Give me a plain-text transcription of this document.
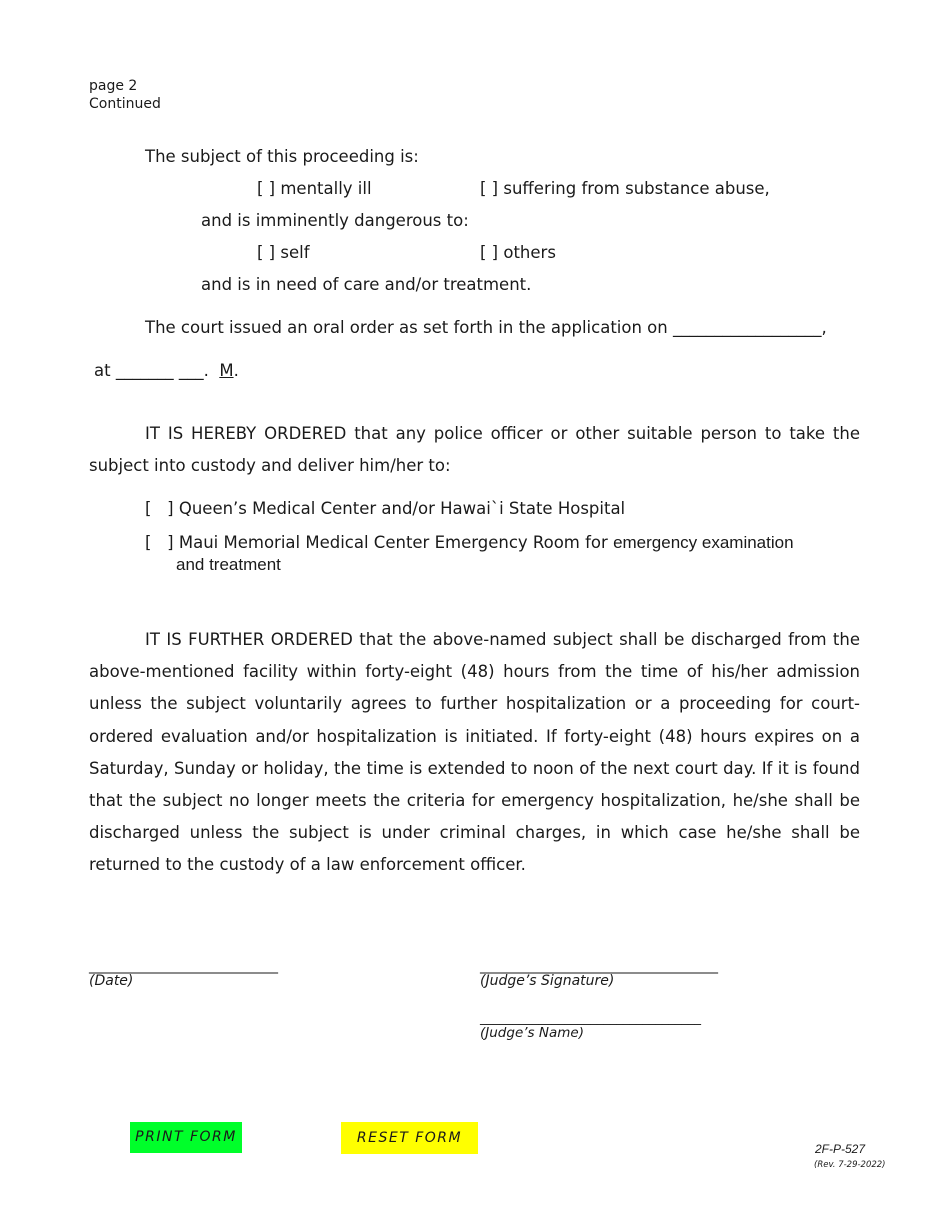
page 2
Continued
The subject of this proceeding is:
[ ] mentally ill	[ ] suffering from substance abuse,
and is imminently dangerous to:
[ ] self	[ ] others
and is in need of care and/or treatment.
The court issued an oral order as set forth in the application on __________________,
at _______ ___.  M.

IT IS HEREBY ORDERED that any police officer or other suitable person to take the subject into custody and deliver him/her to:

[   ] Queen’s Medical Center and/or Hawai`i State Hospital
[   ] Maui Memorial Medical Center Emergency Room for emergency examination
and treatment

IT IS FURTHER ORDERED that the above-named subject shall be discharged from the above-mentioned facility within forty-eight (48) hours from the time of his/her admission unless the subject voluntarily agrees to further hospitalization or a proceeding for court-ordered evaluation and/or hospitalization is initiated. If forty-eight (48) hours expires on a Saturday, Sunday or holiday, the time is extended to noon of the next court day. If it is found that the subject no longer meets the criteria for emergency hospitalization, he/she shall be discharged unless the subject is under criminal charges, in which case he/she shall be returned to the custody of a law enforcement officer.

___________________________
(Date)
__________________________________
(Judge’s Signature)
__________________________________
(Judge’s Name)
PRINT FORM	RESET FORM
2F-P-527
(Rev. 7-29-2022)
